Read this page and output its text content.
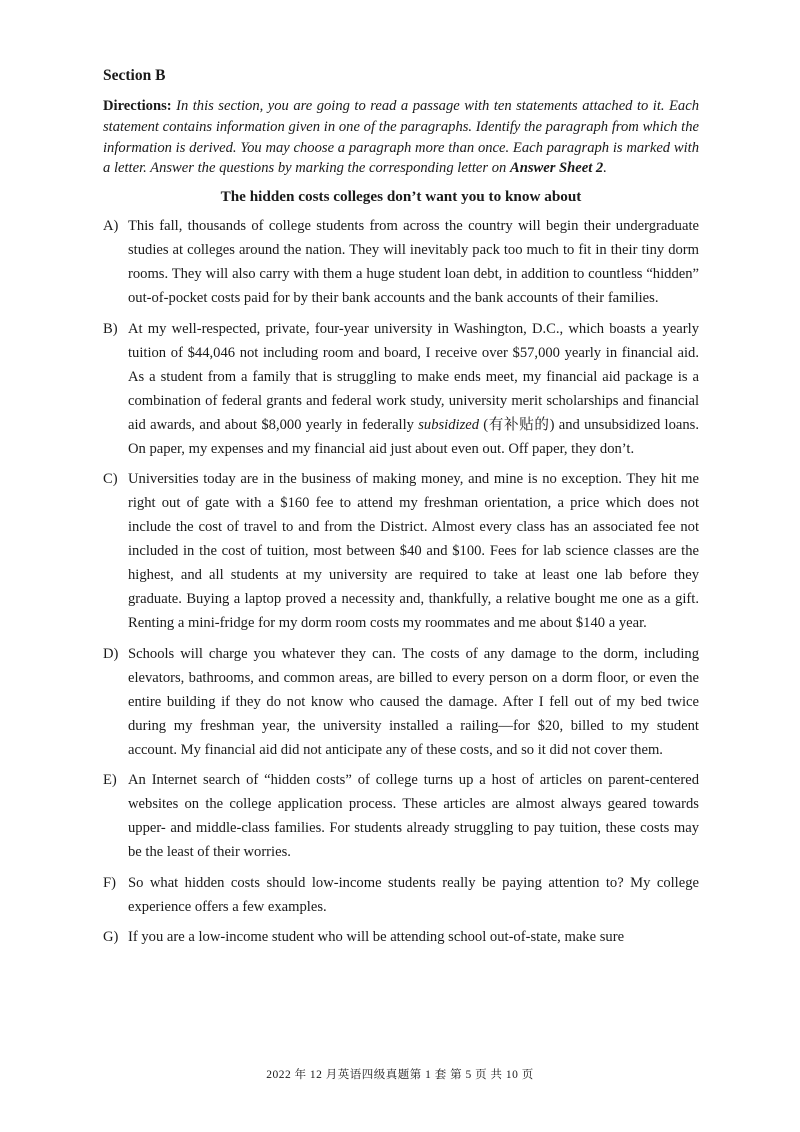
Section B

Directions: In this section, you are going to read a passage with ten statements attached to it. Each statement contains information given in one of the paragraphs. Identify the paragraph from which the information is derived. You may choose a paragraph more than once. Each paragraph is marked with a letter. Answer the questions by marking the corresponding letter on Answer Sheet 2.

The hidden costs colleges don’t want you to know about
A) This fall, thousands of college students from across the country will begin their undergraduate studies at colleges around the nation. They will inevitably pack too much to fit in their tiny dorm rooms. They will also carry with them a huge student loan debt, in addition to countless “hidden” out-of-pocket costs paid for by their bank accounts and the bank accounts of their families.
B) At my well-respected, private, four-year university in Washington, D.C., which boasts a yearly tuition of $44,046 not including room and board, I receive over $57,000 yearly in financial aid. As a student from a family that is struggling to make ends meet, my financial aid package is a combination of federal grants and federal work study, university merit scholarships and financial aid awards, and about $8,000 yearly in federally subsidized (有补贴的) and unsubsidized loans. On paper, my expenses and my financial aid just about even out. Off paper, they don’t.
C) Universities today are in the business of making money, and mine is no exception. They hit me right out of gate with a $160 fee to attend my freshman orientation, a price which does not include the cost of travel to and from the District. Almost every class has an associated fee not included in the cost of tuition, most between $40 and $100. Fees for lab science classes are the highest, and all students at my university are required to take at least one lab before they graduate. Buying a laptop proved a necessity and, thankfully, a relative bought me one as a gift. Renting a mini-fridge for my dorm room costs my roommates and me about $140 a year.
D) Schools will charge you whatever they can. The costs of any damage to the dorm, including elevators, bathrooms, and common areas, are billed to every person on a dorm floor, or even the entire building if they do not know who caused the damage. After I fell out of my bed twice during my freshman year, the university installed a railing—for $20, billed to my student account. My financial aid did not anticipate any of these costs, and so it did not cover them.
E) An Internet search of “hidden costs” of college turns up a host of articles on parent-centered websites on the college application process. These articles are almost always geared towards upper- and middle-class families. For students already struggling to pay tuition, these costs may be the least of their worries.
F) So what hidden costs should low-income students really be paying attention to? My college experience offers a few examples.
G) If you are a low-income student who will be attending school out-of-state, make sure
2022 年 12 月英语四级真题第 1 套 第 5 页 共 10 页
